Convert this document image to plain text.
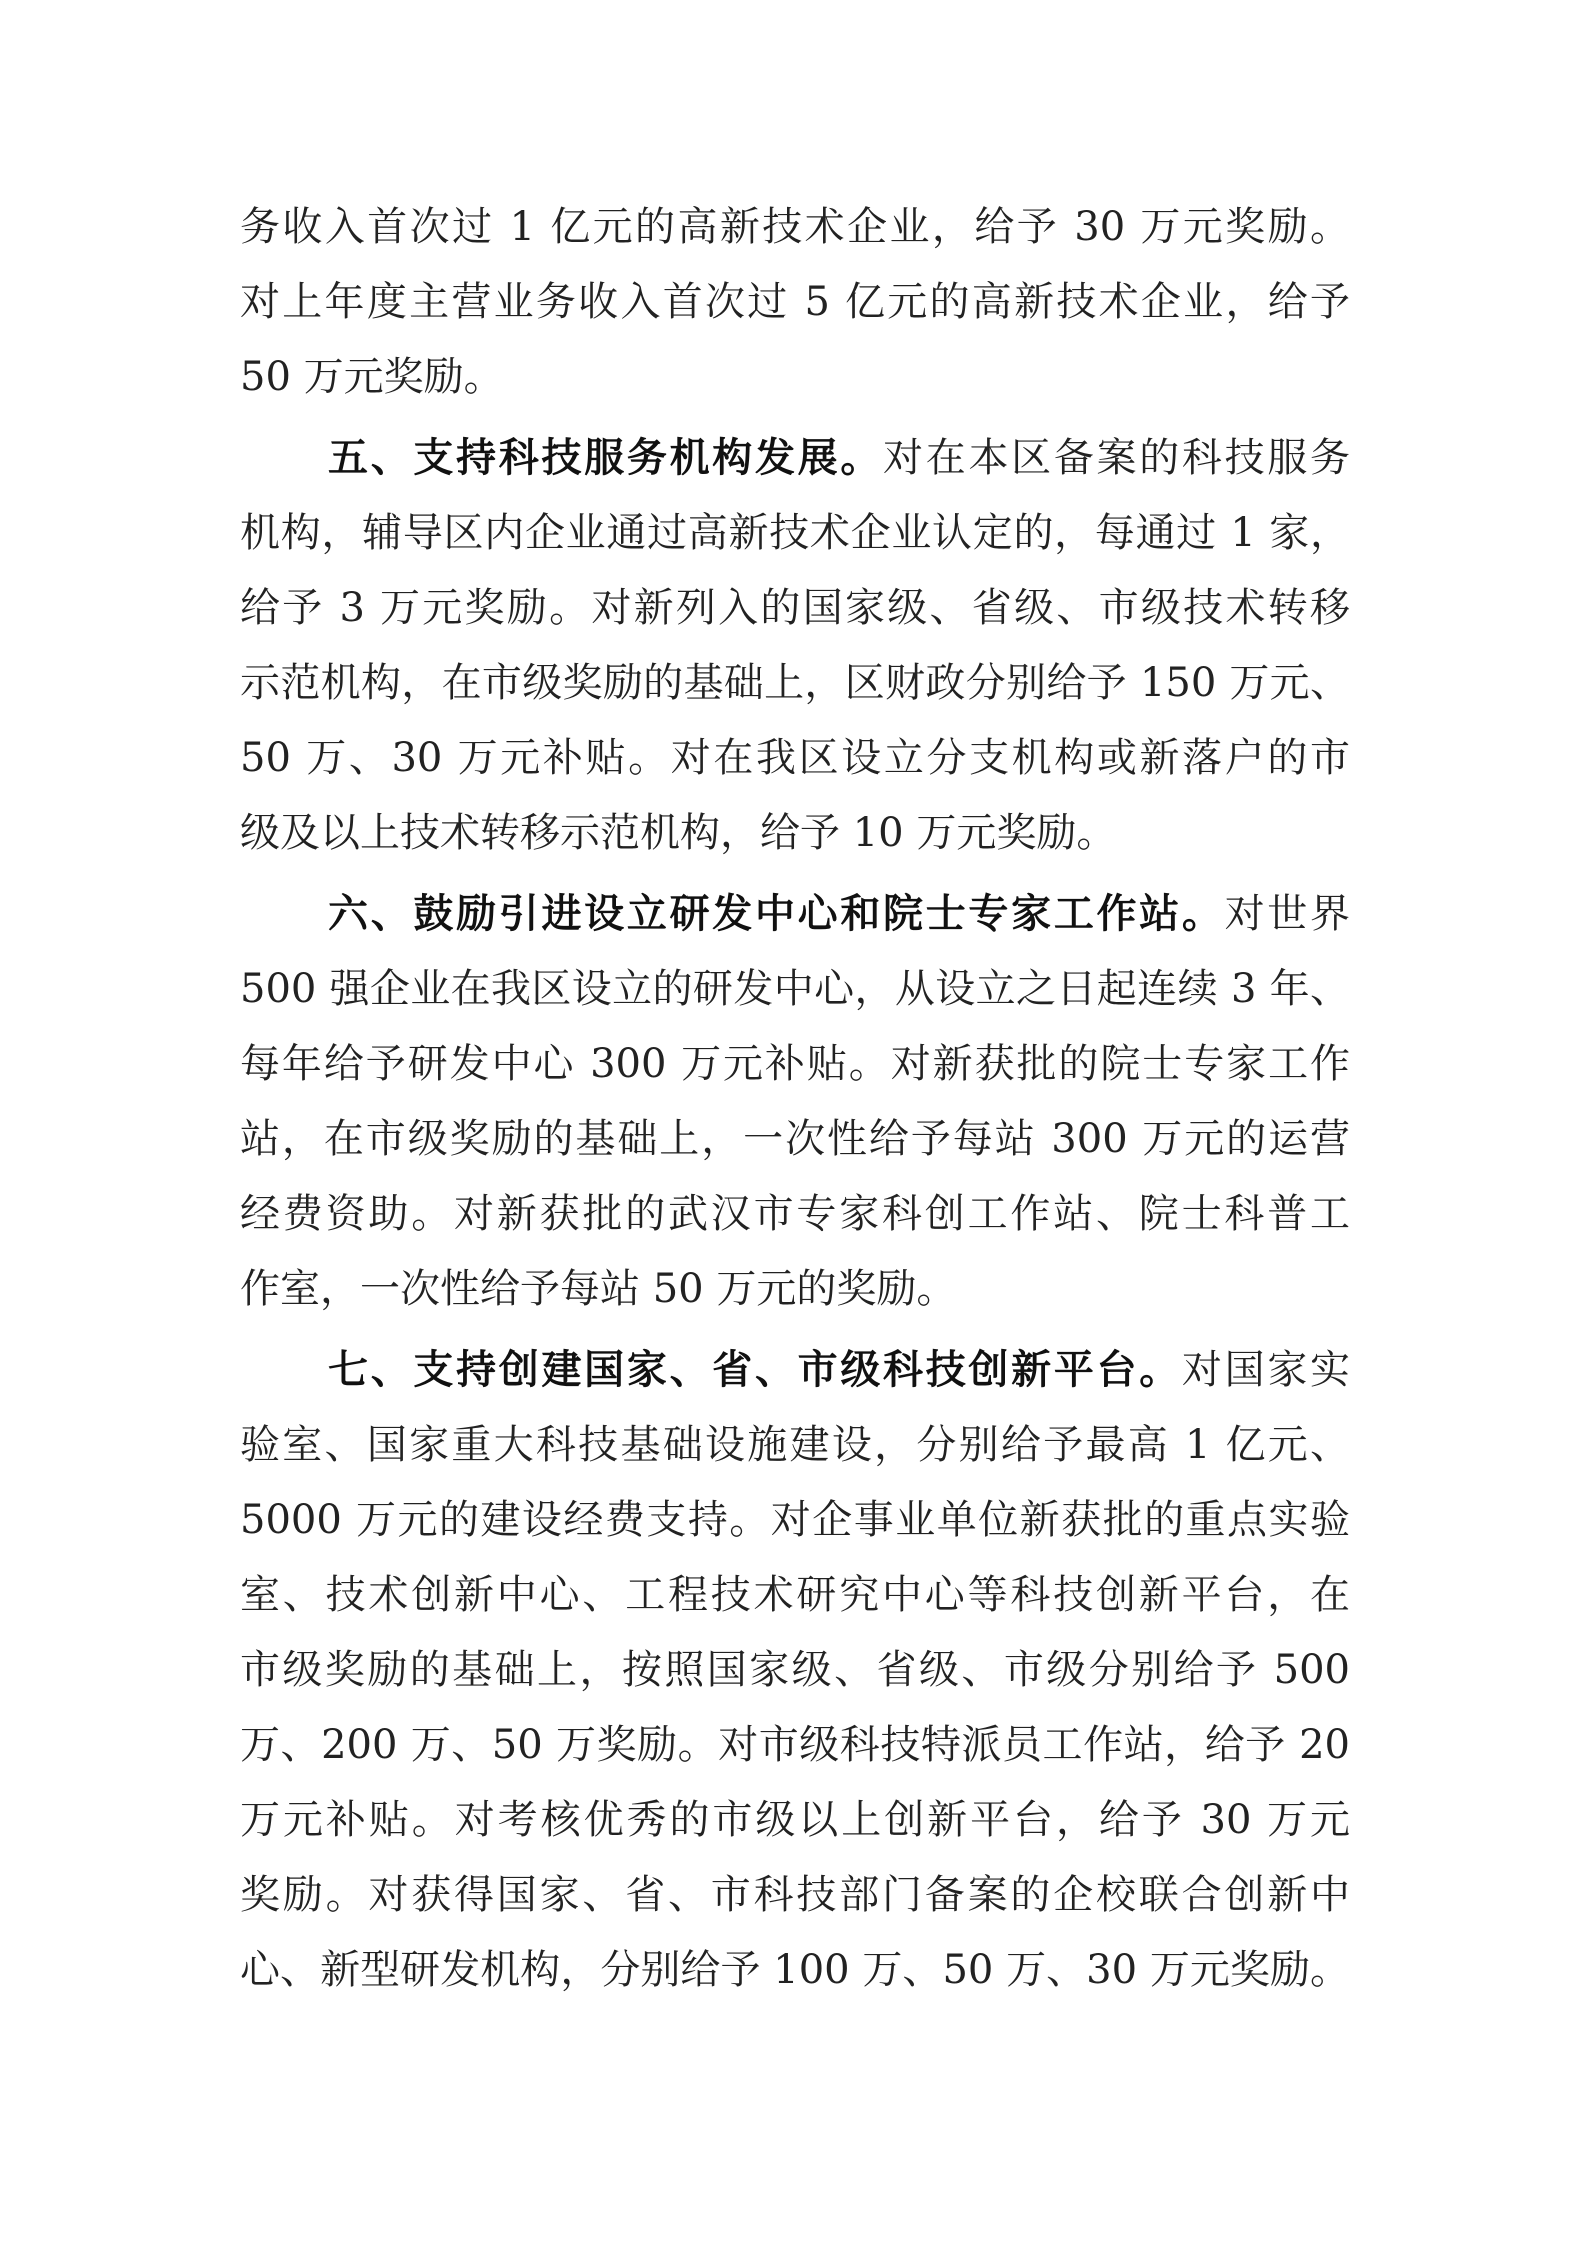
务收入首次过 1 亿元的高新技术企业，给予 30 万元奖励。
对上年度主营业务收入首次过 5 亿元的高新技术企业，给予
50 万元奖励。
五、支持科技服务机构发展。对在本区备案的科技服务
机构，辅导区内企业通过高新技术企业认定的，每通过 1 家，
给予 3 万元奖励。对新列入的国家级、省级、市级技术转移
示范机构，在市级奖励的基础上，区财政分别给予 150 万元、
50 万、30 万元补贴。对在我区设立分支机构或新落户的市
级及以上技术转移示范机构，给予 10 万元奖励。
六、鼓励引进设立研发中心和院士专家工作站。对世界
500 强企业在我区设立的研发中心，从设立之日起连续 3 年、
每年给予研发中心 300 万元补贴。对新获批的院士专家工作
站，在市级奖励的基础上，一次性给予每站 300 万元的运营
经费资助。对新获批的武汉市专家科创工作站、院士科普工
作室，一次性给予每站 50 万元的奖励。
七、支持创建国家、省、市级科技创新平台。对国家实
验室、国家重大科技基础设施建设，分别给予最高 1 亿元、
5000 万元的建设经费支持。对企事业单位新获批的重点实验
室、技术创新中心、工程技术研究中心等科技创新平台，在
市级奖励的基础上，按照国家级、省级、市级分别给予 500
万、200 万、50 万奖励。对市级科技特派员工作站，给予 20
万元补贴。对考核优秀的市级以上创新平台，给予 30 万元
奖励。对获得国家、省、市科技部门备案的企校联合创新中
心、新型研发机构，分别给予 100 万、50 万、30 万元奖励。
